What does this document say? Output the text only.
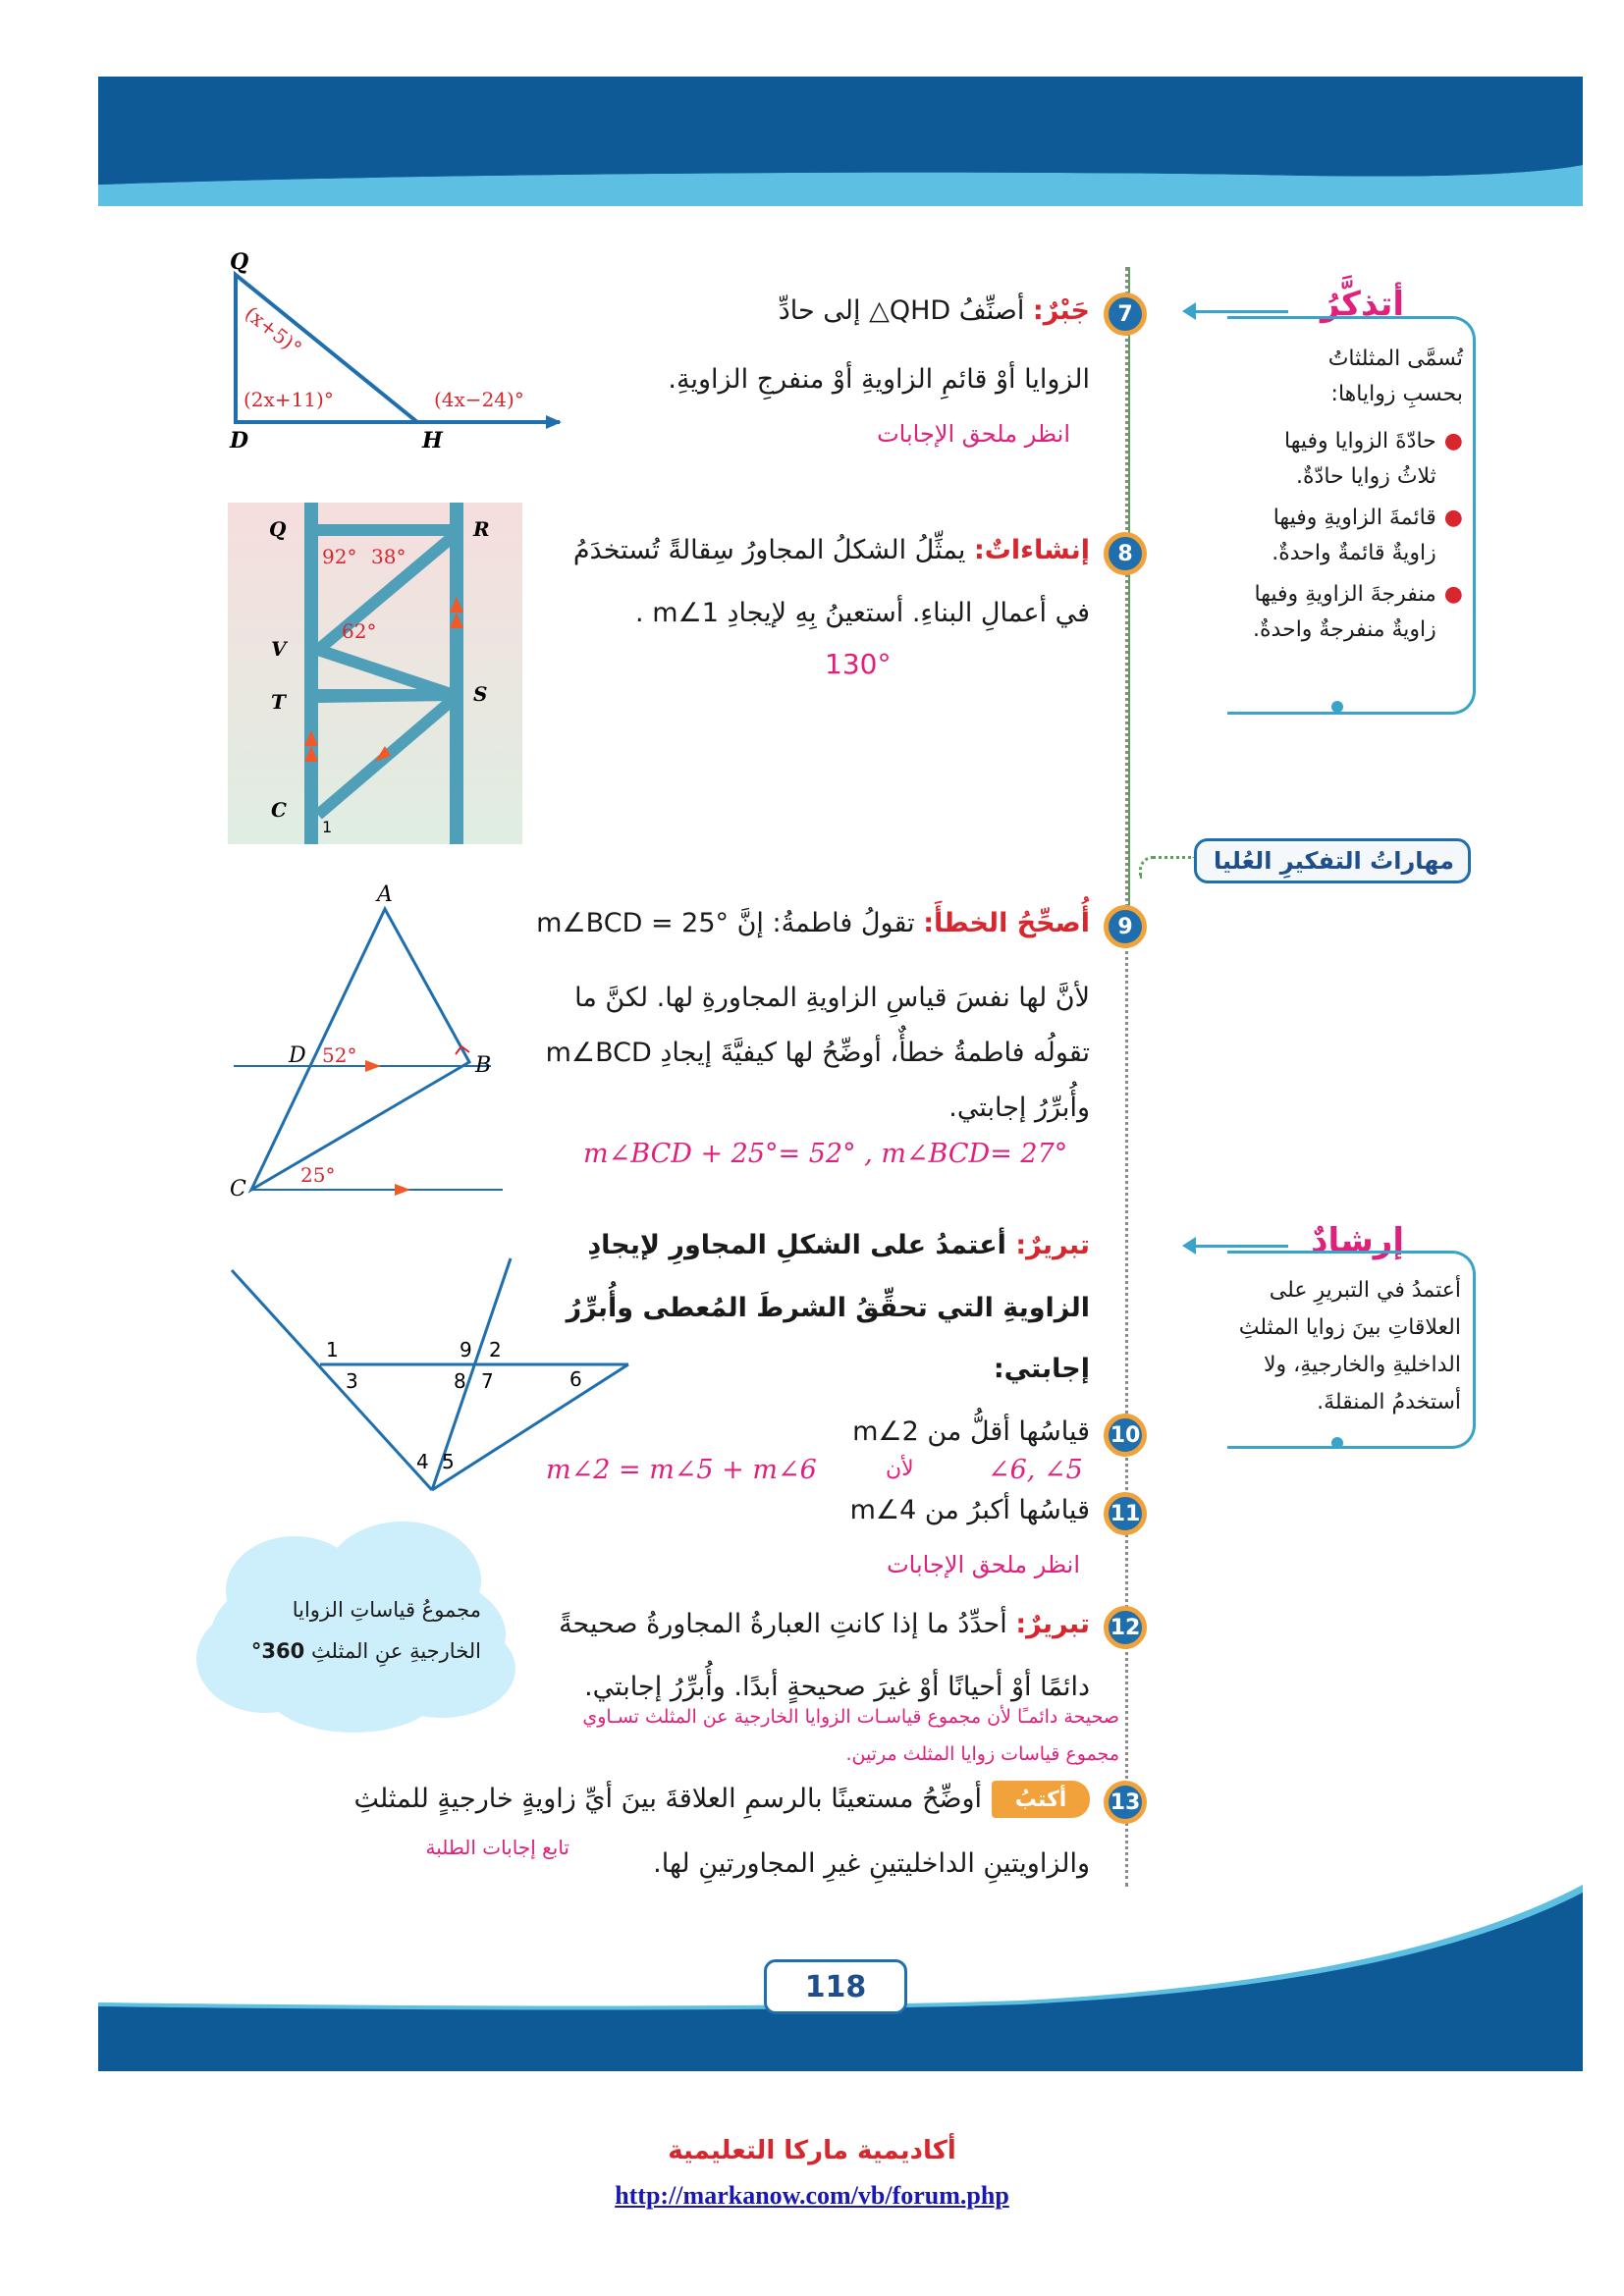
أتذكَّرُ
تُسمَّى المثلثاتُ بحسبِ زواياها:
●
حادّةَ الزوايا وفيها ثلاثُ زوايا حادّةٌ.
●
قائمةَ الزاويةِ وفيها زاويةٌ قائمةٌ واحدةٌ.
●
منفرجةَ الزاويةِ وفيها زاويةٌ منفرجةٌ واحدةٌ.
مهاراتُ التفكيرِ العُليا
إرشادٌ
أعتمدُ في التبريرِ على العلاقاتِ بينَ زوايا المثلثِ الداخليةِ والخارجيةِ، ولا أستخدمُ المنقلةَ.
7
جَبْرٌ: أصنِّفُ QHD△ إلى حادِّ
الزوايا أوْ قائمِ الزاويةِ أوْ منفرجِ الزاويةِ.
انظر ملحق الإجابات
Q
D	H
(x+5)°
(2x+11)°	(4x−24)°
8
إنشاءاتٌ: يمثِّلُ الشكلُ المجاورُ سِقالةً تُستخدَمُ
في أعمالِ البناءِ. أستعينُ بِهِ لإيجادِ m∠1 .
130°
Q	R
V
T	S
C
1
92° 38°
62°
9
أُصحِّحُ الخطأَ: تقولُ فاطمةُ: إنَّ m∠BCD = 25°
لأنَّ لها نفسَ قياسِ الزاويةِ المجاورةِ لها. لكنَّ ما
تقولُه فاطمةُ خطأٌ، أوضِّحُ لها كيفيَّةَ إيجادِ m∠BCD
وأُبرِّرُ إجابتي.
m∠BCD + 25°= 52° , m∠BCD= 27°
A
B
C
D 52°
25°
تبريرٌ: أعتمدُ على الشكلِ المجاورِ لإيجادِ
الزاويةِ التي تحقِّقُ الشرطَ المُعطى وأُبرِّرُ
إجابتي:
1
3
9 2
8 7	6
4 5
10
قياسُها أقلُّ من m∠2
m∠2 = m∠5 + m∠6	لأن	∠6, ∠5
11
قياسُها أكبرُ من m∠4
انظر ملحق الإجابات
مجموعُ قياساتِ الزوايا
الخارجيةِ عنِ المثلثِ 360°
12
تبريرٌ: أحدِّدُ ما إذا كانتِ العبارةُ المجاورةُ صحيحةً
دائمًا أوْ أحيانًا أوْ غيرَ صحيحةٍ أبدًا. وأُبرِّرُ إجابتي.
صحيحة دائمـًا لأن مجموع قياسـات الزوايا الخارجية عن المثلث تسـاوي
مجموع قياسات زوايا المثلث مرتين.
13
أكتبُ
أوضِّحُ مستعينًا بالرسمِ العلاقةَ بينَ أيِّ زاويةٍ خارجيةٍ للمثلثِ
والزاويتينِ الداخليتينِ غيرِ المجاورتينِ لها.
تابع إجابات الطلبة
118
أكاديمية ماركا التعليمية
http://markanow.com/vb/forum.php
